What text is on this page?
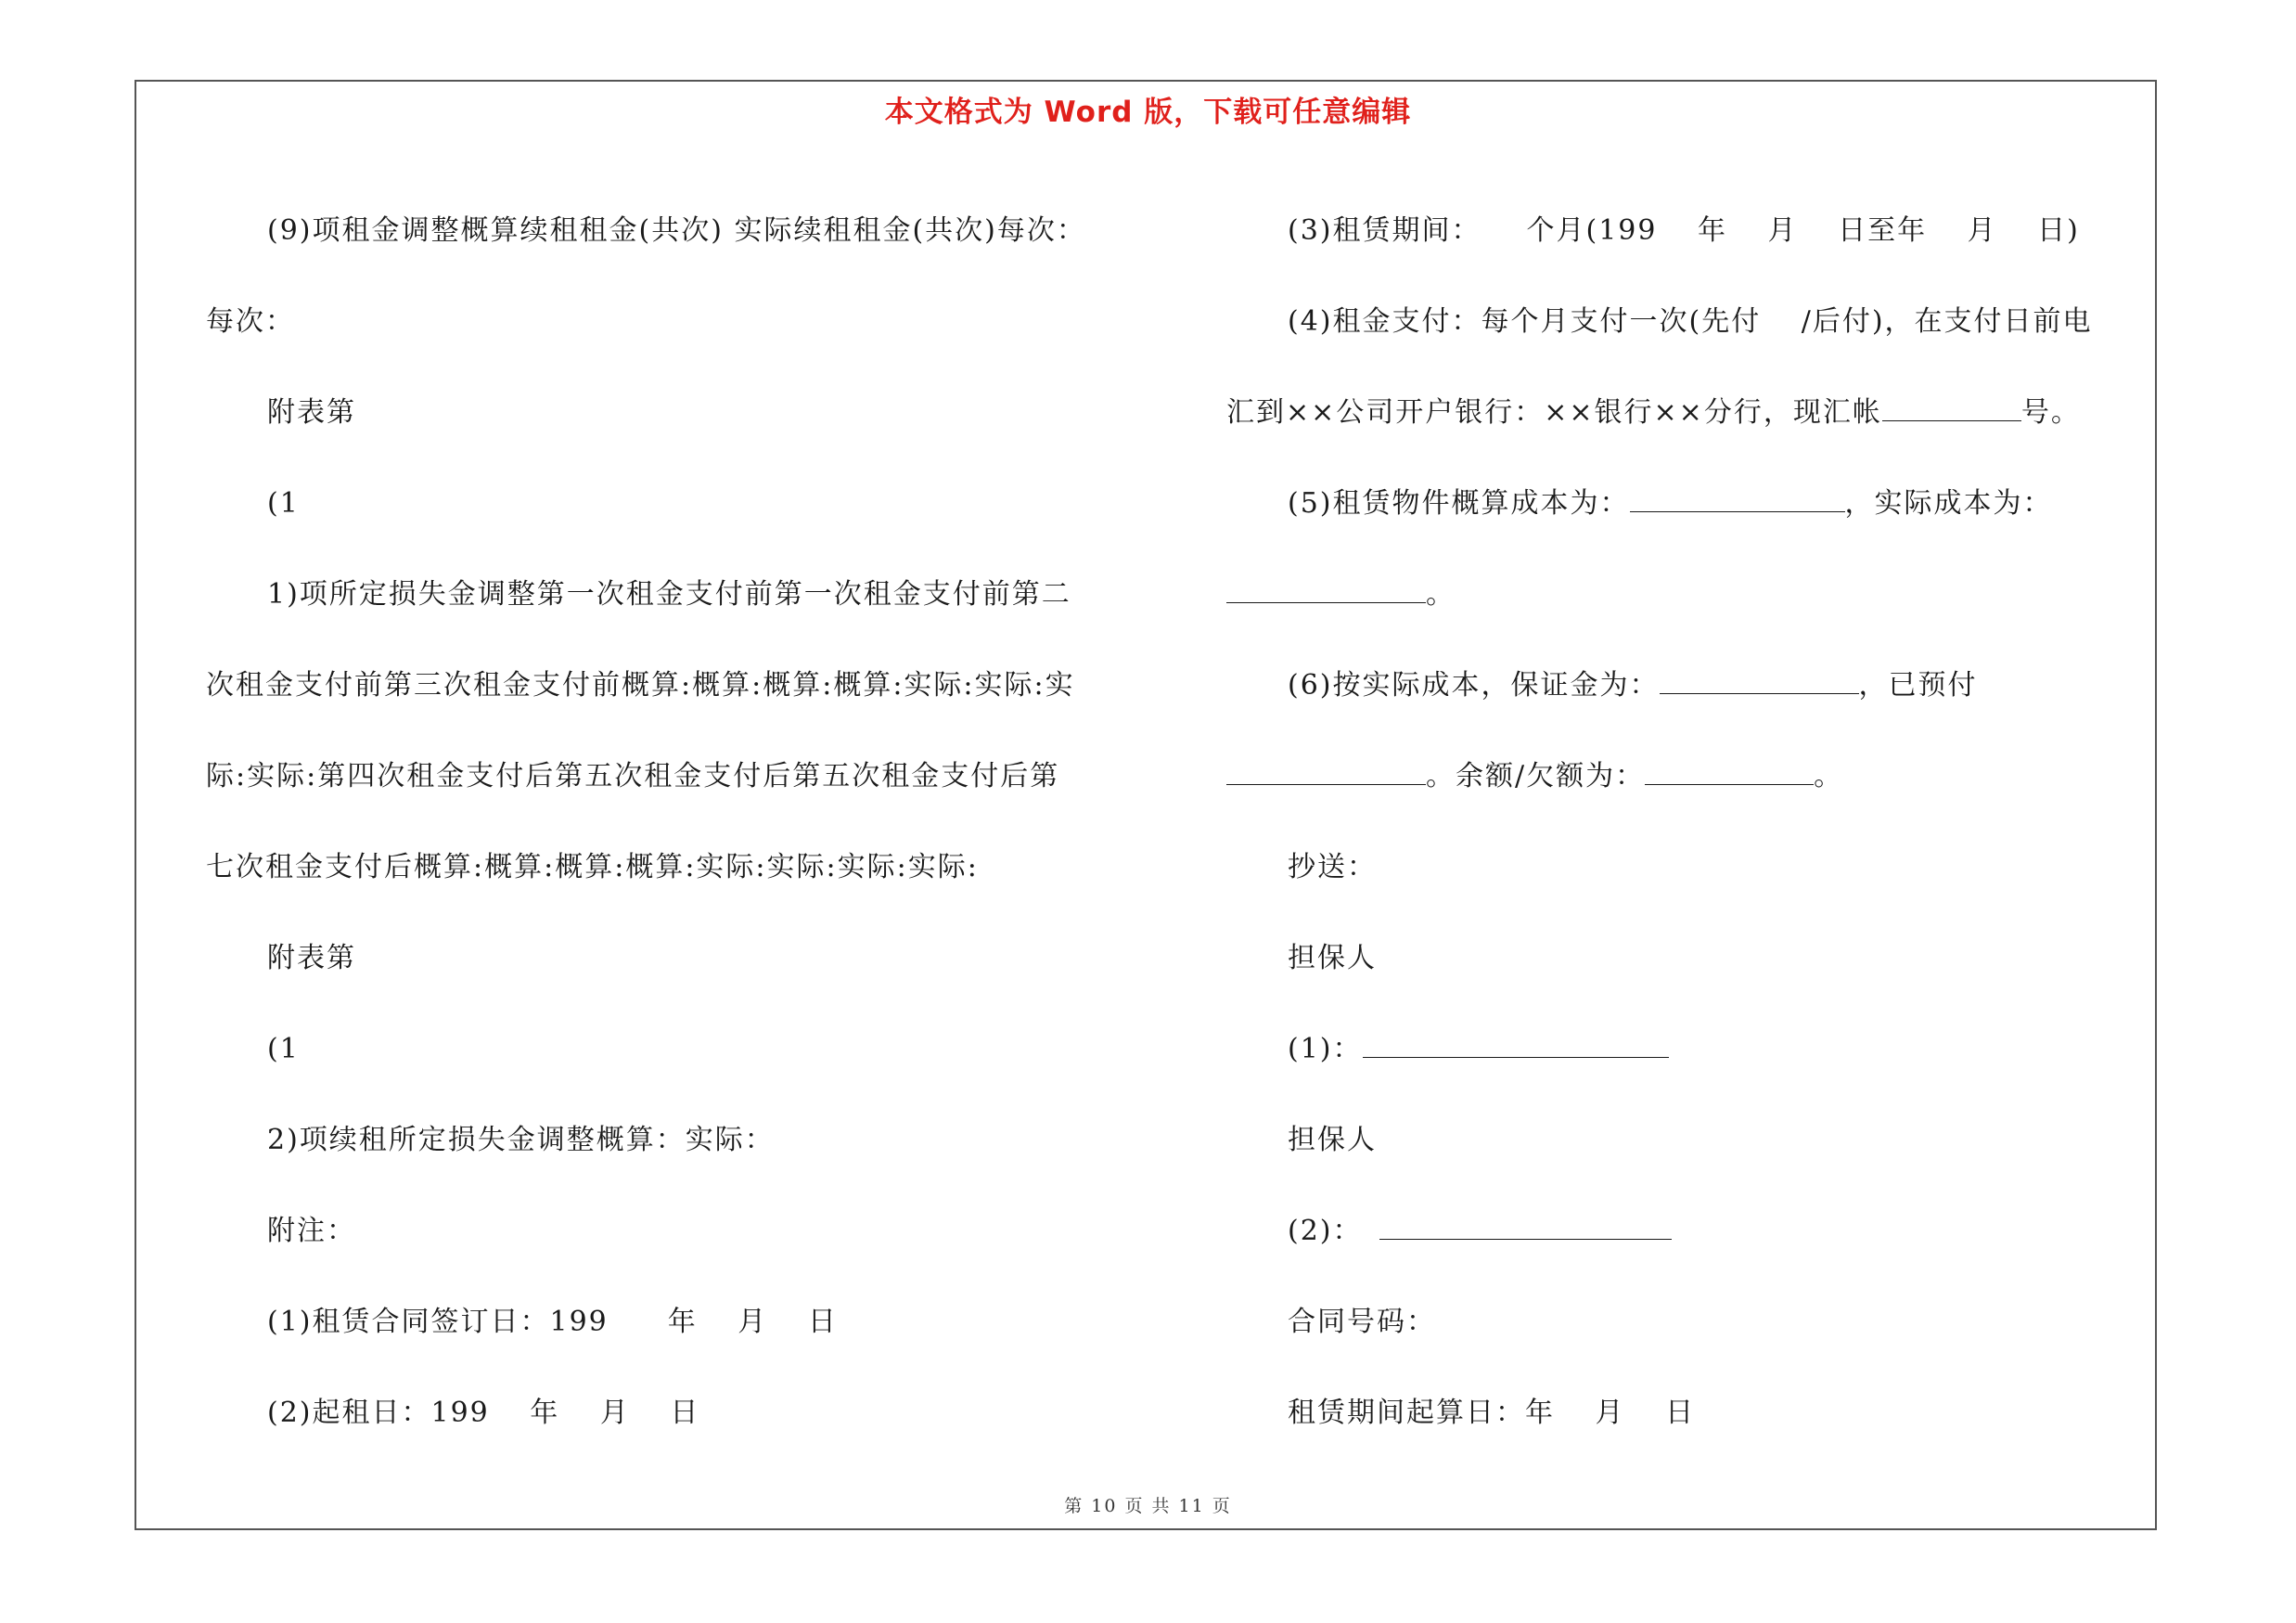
本文格式为 Word 版，下载可任意编辑
(9)项租金调整概算续租租金(共次) 实际续租租金(共次)每次：
每次：
附表第
(1
1)项所定损失金调整第一次租金支付前第一次租金支付前第二
次租金支付前第三次租金支付前概算:概算:概算:概算:实际:实际:实
际:实际:第四次租金支付后第五次租金支付后第五次租金支付后第
七次租金支付后概算:概算:概算:概算:实际:实际:实际:实际:
附表第
(1
2)项续租所定损失金调整概算：实际：
附注：
(1)租赁合同签订日：199　　年　 月　 日
(2)起租日：199　 年　 月　 日
(3)租赁期间：　　个月(199　 年　 月　 日至年　 月　 日)
(4)租金支付：每个月支付一次(先付　 /后付)，在支付日前电
汇到××公司开户银行：××银行××分行，现汇帐	号。
(5)租赁物件概算成本为：	，实际成本为：
。
(6)按实际成本，保证金为：	，已预付
。余额/欠额为：	。
抄送：
担保人
(1)：
担保人
(2)：
合同号码：
租赁期间起算日：年　 月　 日
第 10 页 共 11 页
